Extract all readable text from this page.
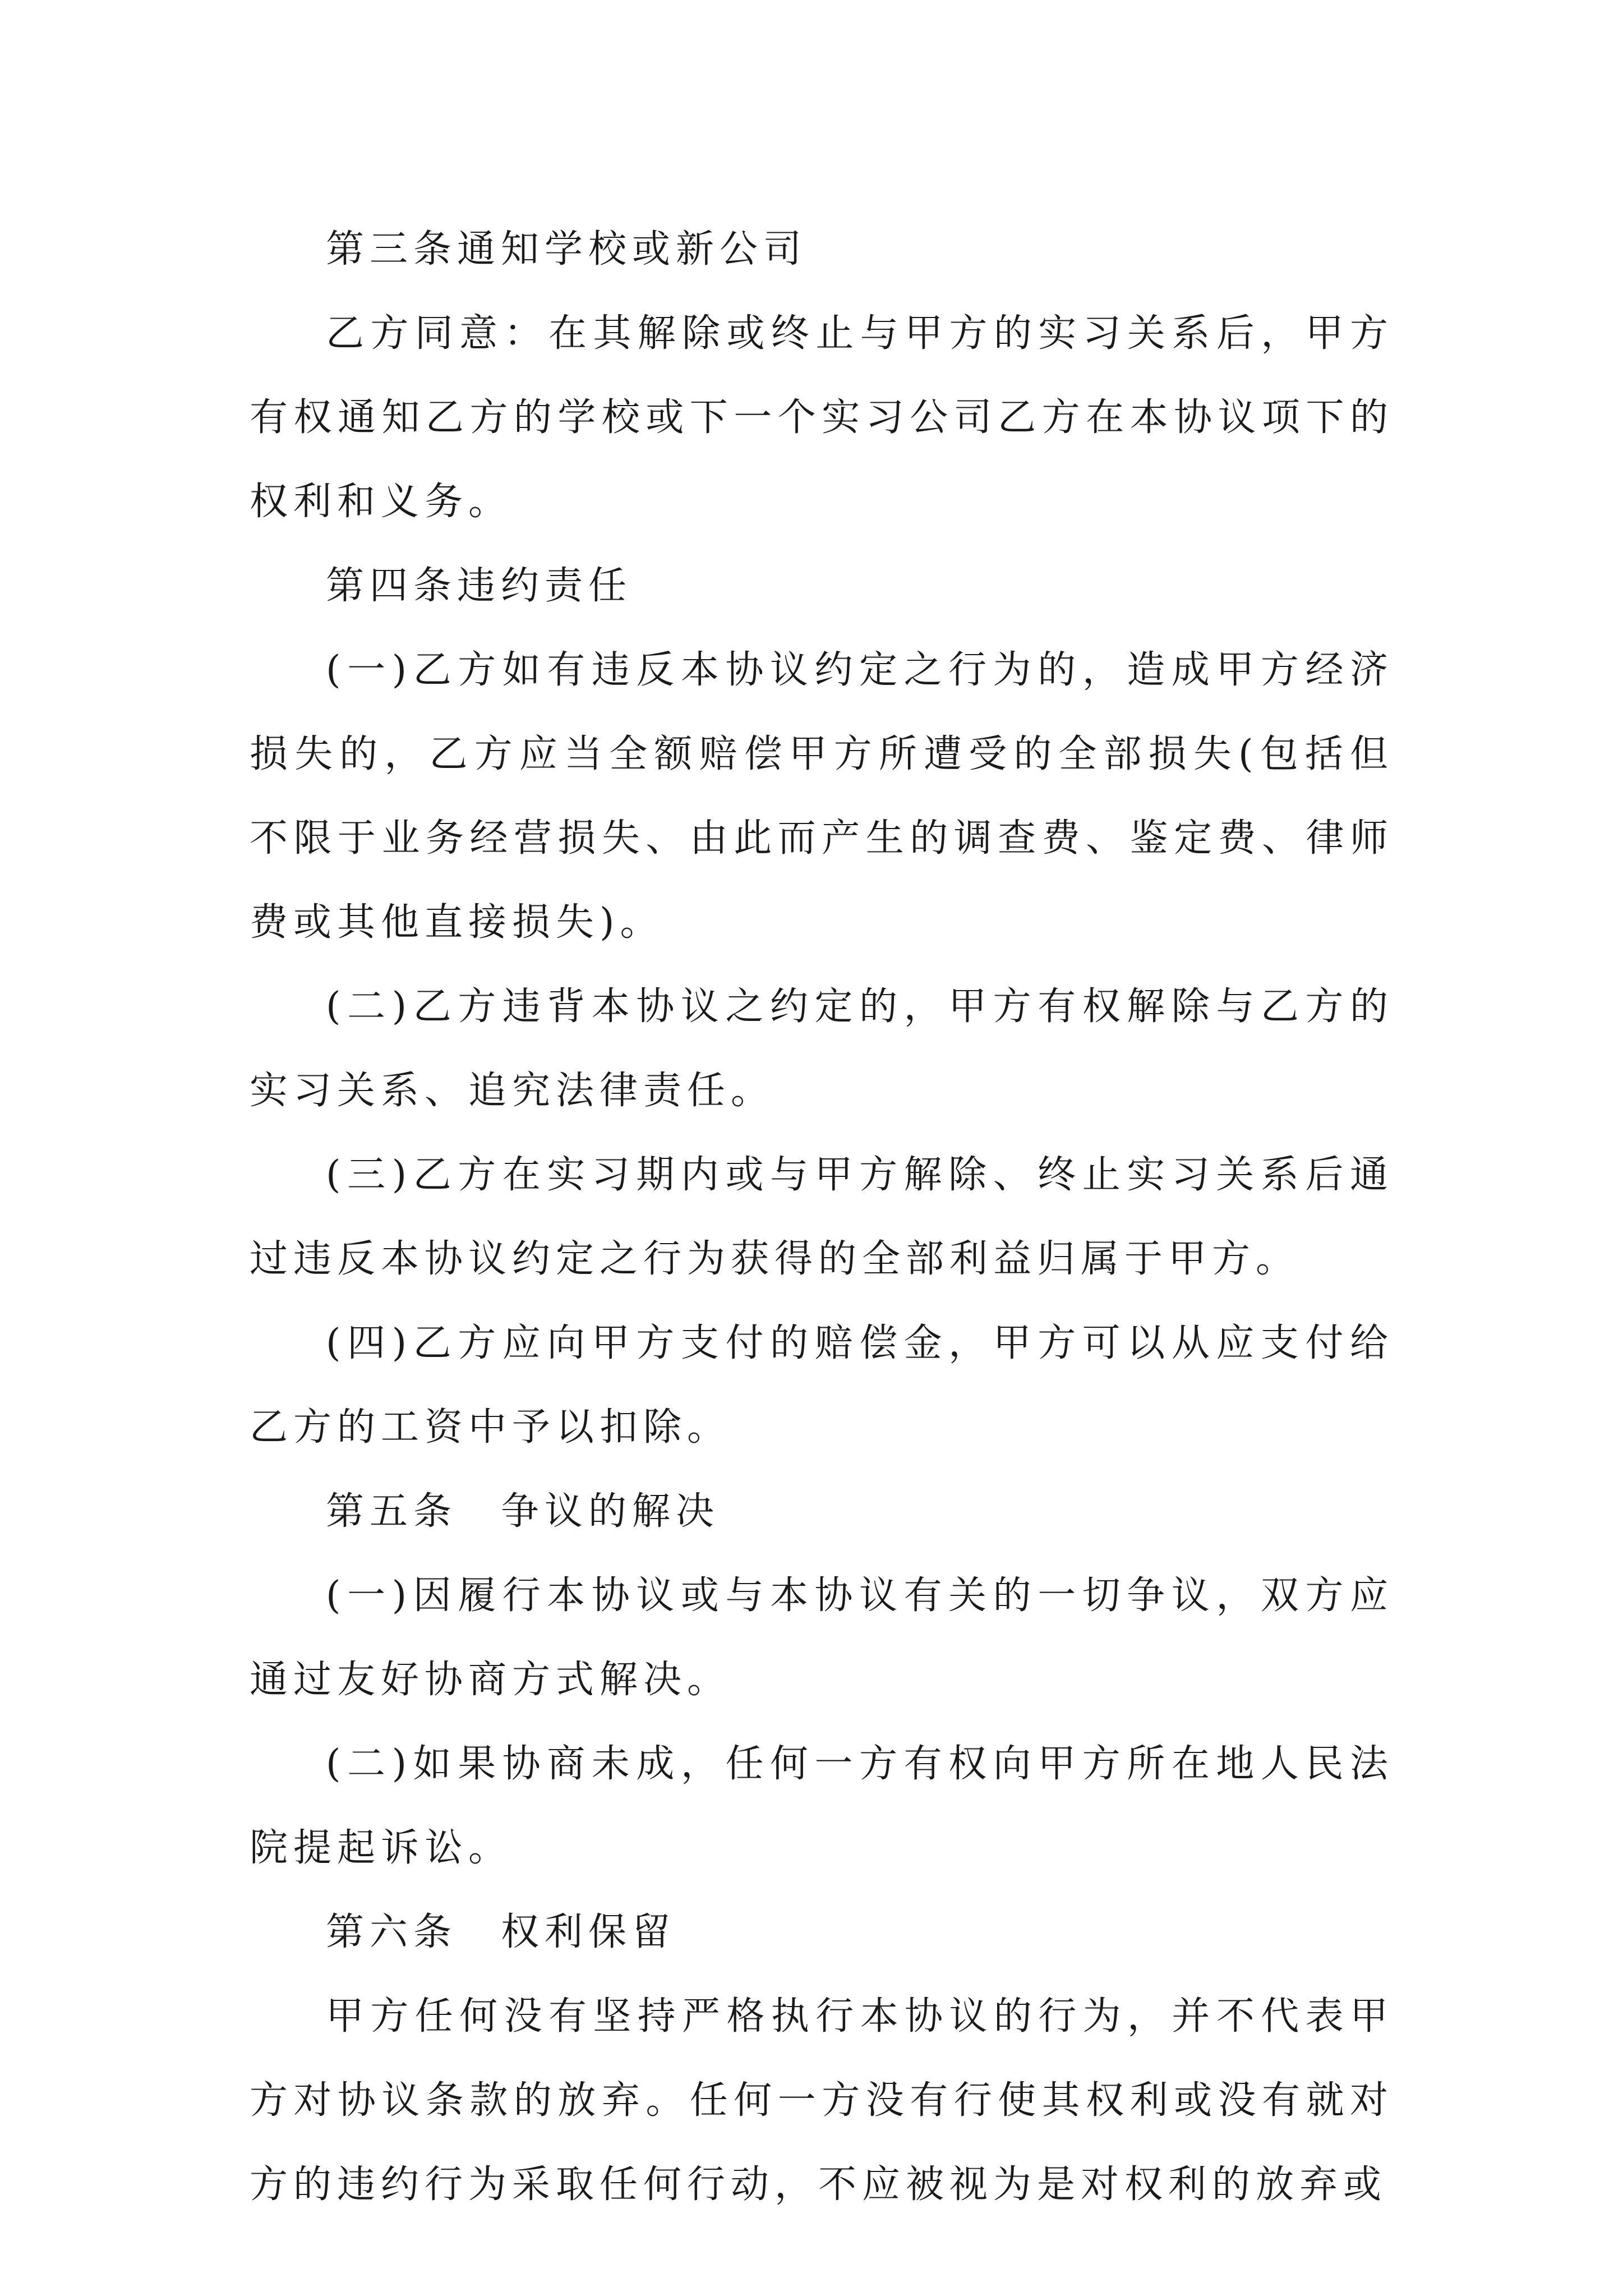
第三条通知学校或新公司

乙方同意：在其解除或终止与甲方的实习关系后，甲方有权通知乙方的学校或下一个实习公司乙方在本协议项下的权利和义务。

第四条违约责任

(一)乙方如有违反本协议约定之行为的，造成甲方经济损失的，乙方应当全额赔偿甲方所遭受的全部损失(包括但不限于业务经营损失、由此而产生的调查费、鉴定费、律师费或其他直接损失)。

(二)乙方违背本协议之约定的，甲方有权解除与乙方的实习关系、追究法律责任。

(三)乙方在实习期内或与甲方解除、终止实习关系后通过违反本协议约定之行为获得的全部利益归属于甲方。

(四)乙方应向甲方支付的赔偿金，甲方可以从应支付给乙方的工资中予以扣除。

第五条　争议的解决

(一)因履行本协议或与本协议有关的一切争议，双方应通过友好协商方式解决。

(二)如果协商未成，任何一方有权向甲方所在地人民法院提起诉讼。

第六条　权利保留

甲方任何没有坚持严格执行本协议的行为，并不代表甲方对协议条款的放弃。任何一方没有行使其权利或没有就对方的违约行为采取任何行动，不应被视为是对权利的放弃或
